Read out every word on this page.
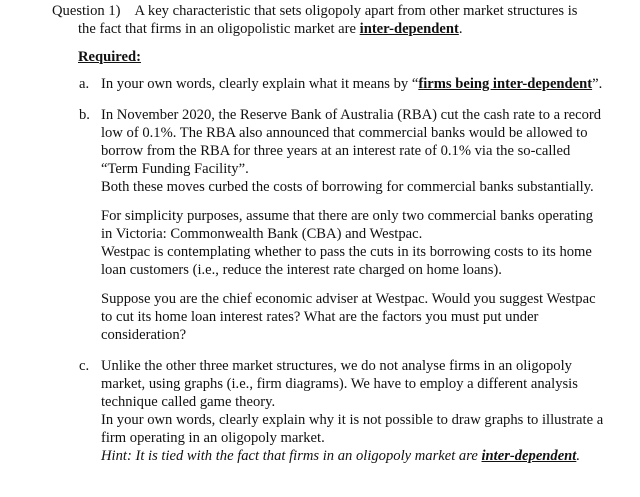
Question 1) A key characteristic that sets oligopoly apart from other market structures is
the fact that firms in an oligopolistic market are inter-dependent.
Required:
a. In your own words, clearly explain what it means by “firms being inter-dependent”.
b. In November 2020, the Reserve Bank of Australia (RBA) cut the cash rate to a record
low of 0.1%. The RBA also announced that commercial banks would be allowed to
borrow from the RBA for three years at an interest rate of 0.1% via the so-called
“Term Funding Facility”.
Both these moves curbed the costs of borrowing for commercial banks substantially.
For simplicity purposes, assume that there are only two commercial banks operating
in Victoria: Commonwealth Bank (CBA) and Westpac.
Westpac is contemplating whether to pass the cuts in its borrowing costs to its home
loan customers (i.e., reduce the interest rate charged on home loans).
Suppose you are the chief economic adviser at Westpac. Would you suggest Westpac
to cut its home loan interest rates? What are the factors you must put under
consideration?
c. Unlike the other three market structures, we do not analyse firms in an oligopoly
market, using graphs (i.e., firm diagrams). We have to employ a different analysis
technique called game theory.
In your own words, clearly explain why it is not possible to draw graphs to illustrate a
firm operating in an oligopoly market.
Hint: It is tied with the fact that firms in an oligopoly market are inter-dependent.
